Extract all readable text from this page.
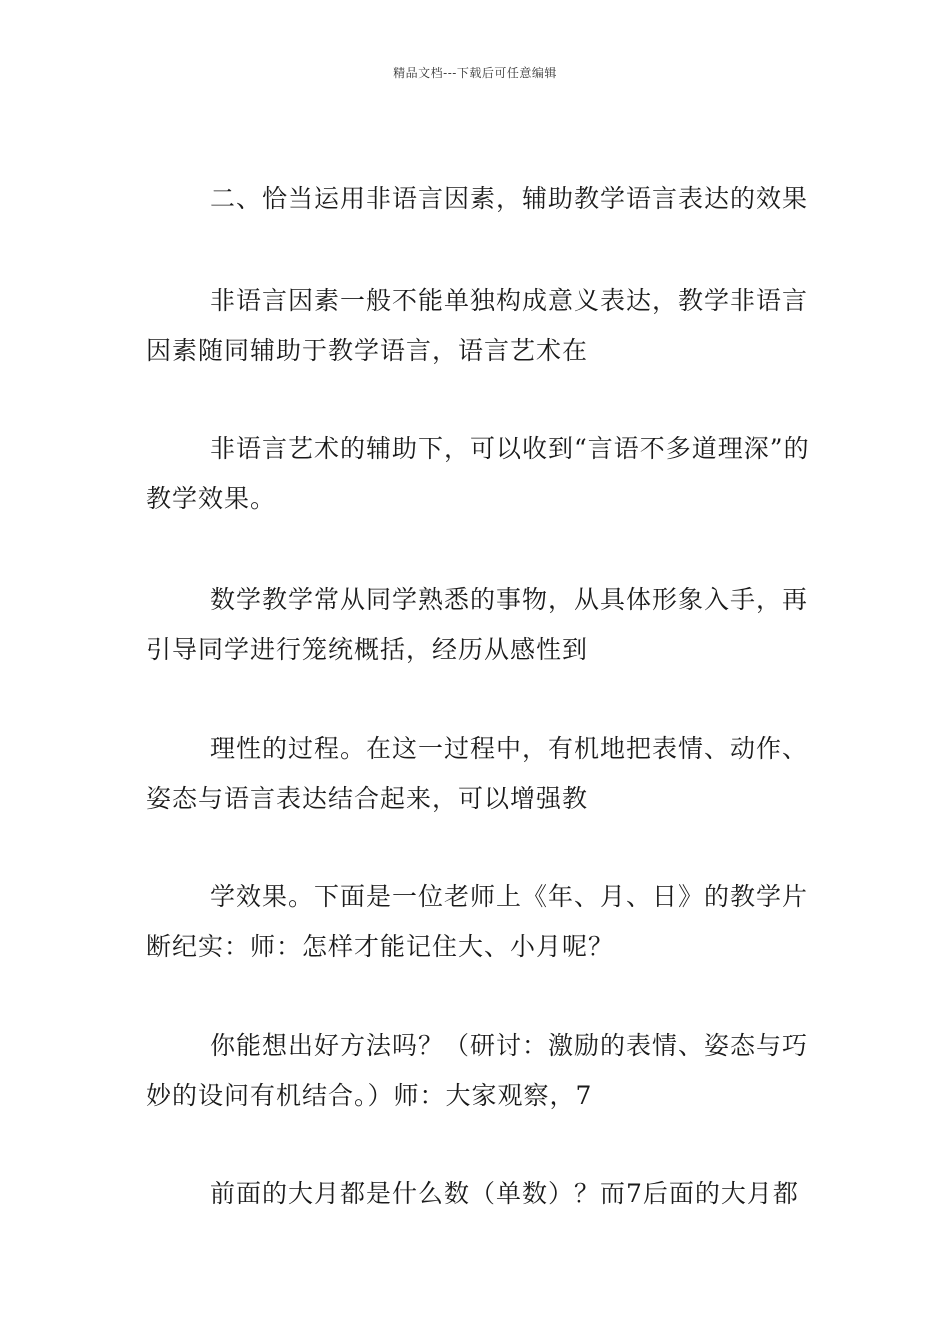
精品文档---下载后可任意编辑
二、恰当运用非语言因素，辅助教学语言表达的效果
非语言因素一般不能单独构成意义表达，教学非语言因素随同辅助于教学语言，语言艺术在
非语言艺术的辅助下，可以收到“言语不多道理深”的教学效果。
数学教学常从同学熟悉的事物，从具体形象入手，再引导同学进行笼统概括，经历从感性到
理性的过程。在这一过程中，有机地把表情、动作、姿态与语言表达结合起来，可以增强教
学效果。下面是一位老师上《年、月、日》的教学片断纪实：师：怎样才能记住大、小月呢？
你能想出好方法吗？（研讨：激励的表情、姿态与巧妙的设问有机结合。）师：大家观察，7
前面的大月都是什么数（单数）？而7后面的大月都
